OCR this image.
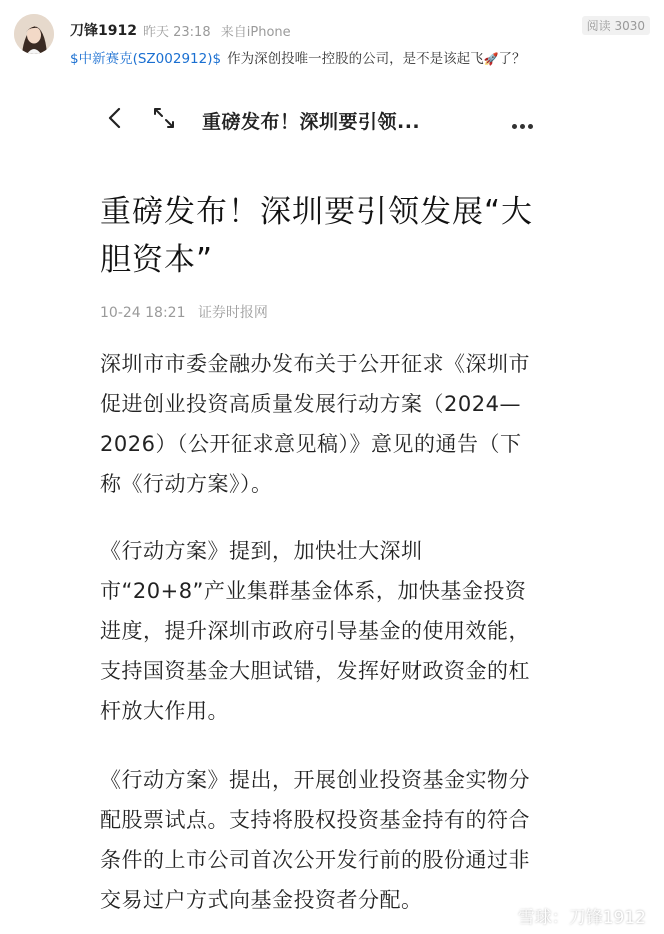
刀锋1912 昨天 23:18 来自iPhone	阅读 3030
$中新赛克(SZ002912)$ 作为深创投唯一控股的公司，是不是该起飞🚀了？
重磅发布！深圳要引领...
重磅发布！深圳要引领发展“大胆资本”
10-24 18:21 证券时报网

深圳市市委金融办发布关于公开征求《深圳市促进创业投资高质量发展行动方案（2024—2026）（公开征求意见稿）》意见的通告（下称《行动方案》）。

《行动方案》提到，加快壮大深圳市“20+8”产业集群基金体系，加快基金投资进度，提升深圳市政府引导基金的使用效能，支持国资基金大胆试错，发挥好财政资金的杠杆放大作用。

《行动方案》提出，开展创业投资基金实物分配股票试点。支持将股权投资基金持有的符合条件的上市公司首次公开发行前的股份通过非交易过户方式向基金投资者分配。

雪球：刀锋1912
